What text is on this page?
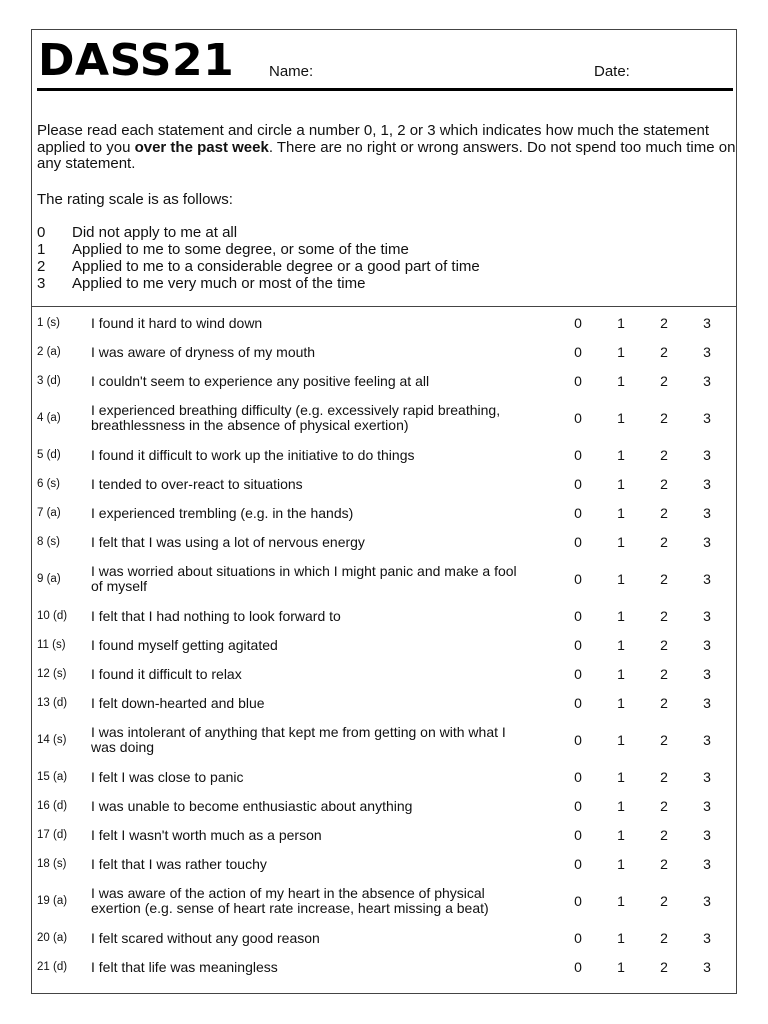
DASS21 Name:	Date:

Please read each statement and circle a number 0, 1, 2 or 3 which indicates how much the statement applied to you over the past week. There are no right or wrong answers. Do not spend too much time on any statement.

The rating scale is as follows:
0	Did not apply to me at all
1	Applied to me to some degree, or some of the time
2	Applied to me to a considerable degree or a good part of time
3	Applied to me very much or most of the time
1 (s)	I found it hard to wind down	0	1	2	3
2 (a)	I was aware of dryness of my mouth	0	1	2	3
3 (d)	I couldn't seem to experience any positive feeling at all	0	1	2	3
4 (a)	I experienced breathing difficulty (e.g. excessively rapid breathing, breathlessness in the absence of physical exertion)	0	1	2	3
5 (d)	I found it difficult to work up the initiative to do things	0	1	2	3
6 (s)	I tended to over-react to situations	0	1	2	3
7 (a)	I experienced trembling (e.g. in the hands)	0	1	2	3
8 (s)	I felt that I was using a lot of nervous energy	0	1	2	3
9 (a)	I was worried about situations in which I might panic and make a fool of myself	0	1	2	3
10 (d)	I felt that I had nothing to look forward to	0	1	2	3
11 (s)	I found myself getting agitated	0	1	2	3
12 (s)	I found it difficult to relax	0	1	2	3
13 (d)	I felt down-hearted and blue	0	1	2	3
14 (s)	I was intolerant of anything that kept me from getting on with what I was doing	0	1	2	3
15 (a)	I felt I was close to panic	0	1	2	3
16 (d)	I was unable to become enthusiastic about anything	0	1	2	3
17 (d)	I felt I wasn't worth much as a person	0	1	2	3
18 (s)	I felt that I was rather touchy	0	1	2	3
19 (a)	I was aware of the action of my heart in the absence of physical exertion (e.g. sense of heart rate increase, heart missing a beat)	0	1	2	3
20 (a)	I felt scared without any good reason	0	1	2	3
21 (d)	I felt that life was meaningless	0	1	2	3
